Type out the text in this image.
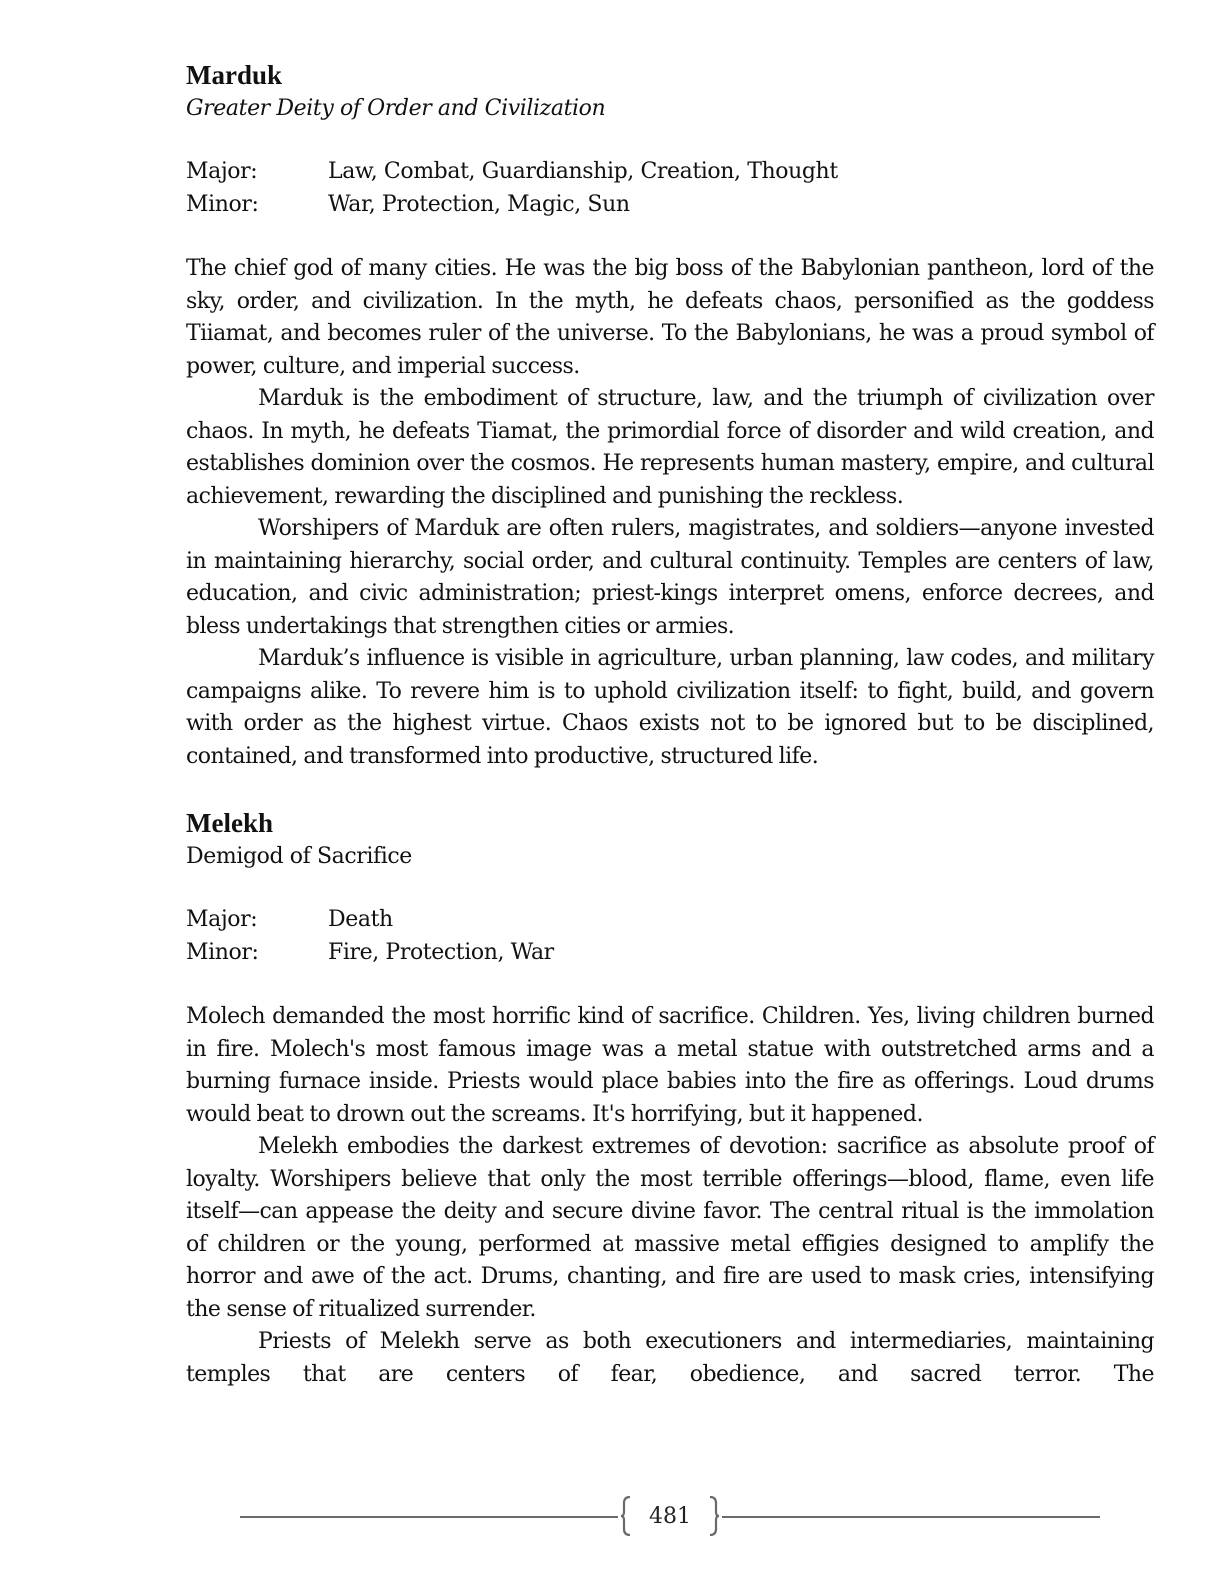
Marduk
Greater Deity of Order and Civilization
Major:	Law, Combat, Guardianship, Creation, Thought
Minor:	War, Protection, Magic, Sun

The chief god of many cities. He was the big boss of the Babylonian pantheon, lord of the sky, order, and civilization. In the myth, he defeats chaos, personified as the goddess Tiiamat, and becomes ruler of the universe. To the Babylonians, he was a proud symbol of power, culture, and imperial success.

Marduk is the embodiment of structure, law, and the triumph of civilization over chaos. In myth, he defeats Tiamat, the primordial force of disorder and wild creation, and establishes dominion over the cosmos. He represents human mastery, empire, and cultural achievement, rewarding the disciplined and punishing the reckless.

Worshipers of Marduk are often rulers, magistrates, and soldiers—anyone invested in maintaining hierarchy, social order, and cultural continuity. Temples are centers of law, education, and civic administration; priest-kings interpret omens, enforce decrees, and bless undertakings that strengthen cities or armies.

Marduk’s influence is visible in agriculture, urban planning, law codes, and military campaigns alike. To revere him is to uphold civilization itself: to fight, build, and govern with order as the highest virtue. Chaos exists not to be ignored but to be disciplined, contained, and transformed into productive, structured life.

Melekh
Demigod of Sacrifice
Major:	Death
Minor:	Fire, Protection, War

Molech demanded the most horrific kind of sacrifice. Children. Yes, living children burned in fire. Molech's most famous image was a metal statue with outstretched arms and a burning furnace inside. Priests would place babies into the fire as offerings. Loud drums would beat to drown out the screams. It's horrifying, but it happened.

Melekh embodies the darkest extremes of devotion: sacrifice as absolute proof of loyalty. Worshipers believe that only the most terrible offerings—blood, flame, even life itself—can appease the deity and secure divine favor. The central ritual is the immolation of children or the young, performed at massive metal effigies designed to amplify the horror and awe of the act. Drums, chanting, and fire are used to mask cries, intensifying the sense of ritualized surrender.

Priests of Melekh serve as both executioners and intermediaries, maintaining temples that are centers of fear, obedience, and sacred terror. The

481
